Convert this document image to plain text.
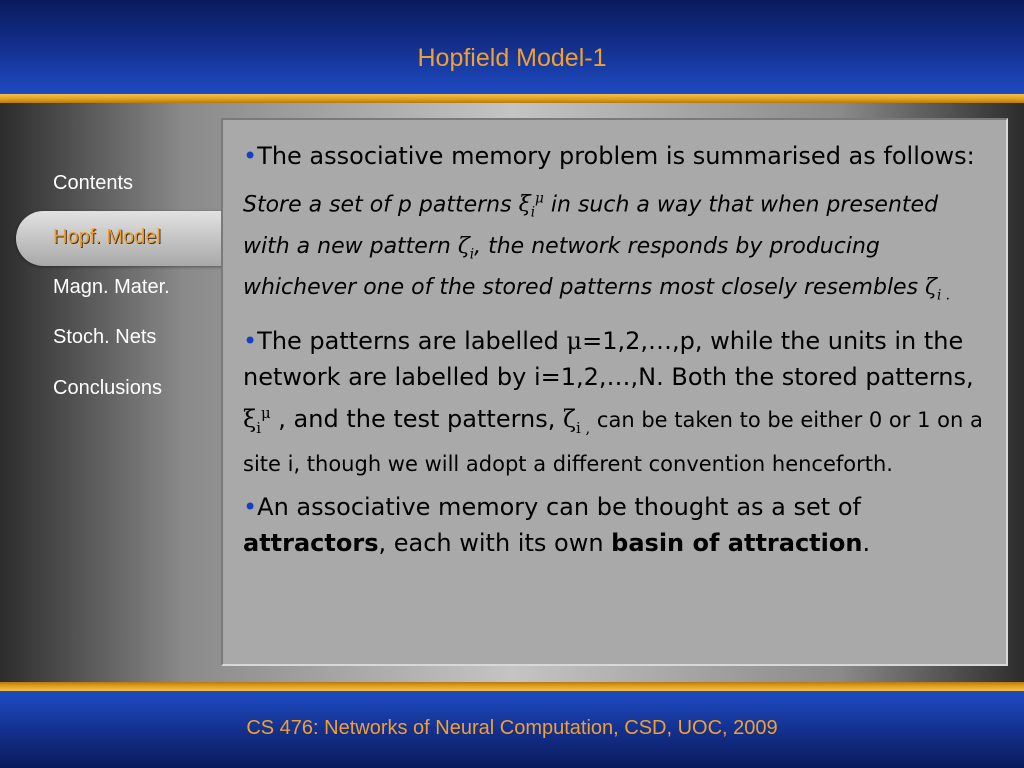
Hopfield Model-1
Contents
Hopf. Model
Magn. Mater.
Stoch. Nets
Conclusions

•The associative memory problem is summarised as follows:

Store a set of p patterns $\xi_i^\mu$ in such a way that when presented with a new pattern $\zeta_i$, the network responds by producing whichever one of the stored patterns most closely resembles $\zeta_{i .}$

•The patterns are labelled μ=1,2,…,p, while the units in the network are labelled by i=1,2,…,N. Both the stored patterns, $\xi_i^\mu$ , and the test patterns, $\zeta_{i ,}$ can be taken to be either 0 or 1 on a site i, though we will adopt a different convention henceforth.

•An associative memory can be thought as a set of attractors, each with its own basin of attraction.

CS 476: Networks of Neural Computation, CSD, UOC, 2009
